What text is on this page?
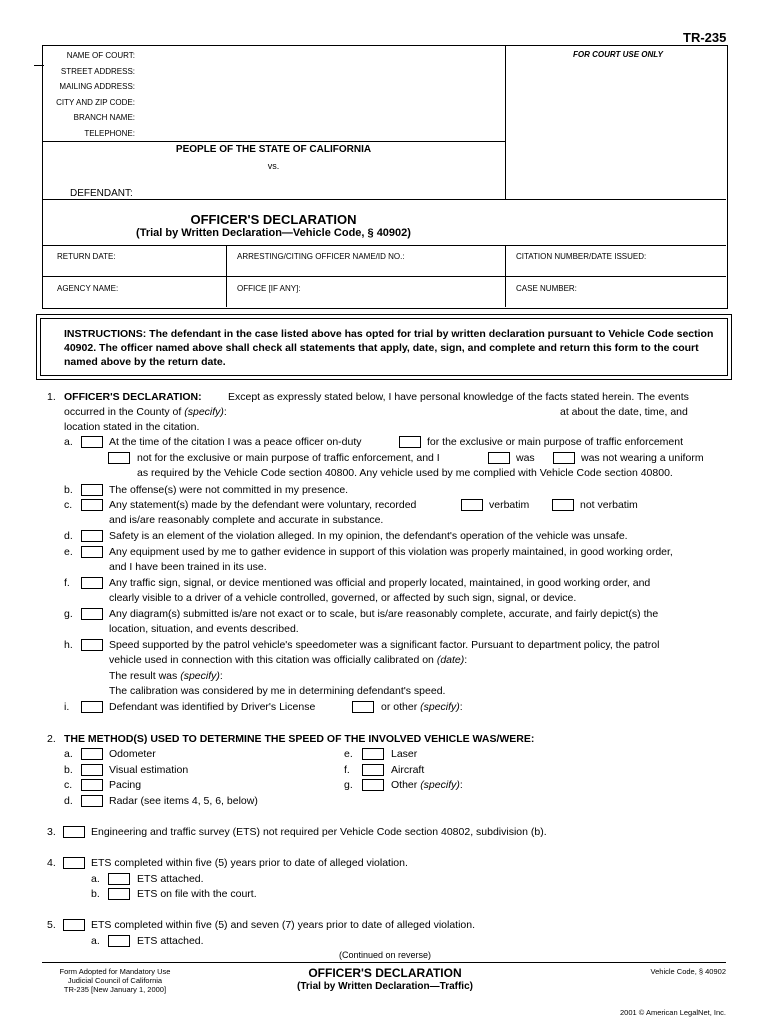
TR-235
NAME OF COURT:
STREET ADDRESS:
MAILING ADDRESS:
CITY AND ZIP CODE:
BRANCH NAME:
TELEPHONE:
FOR COURT USE ONLY
PEOPLE OF THE STATE OF CALIFORNIA
vs.
DEFENDANT:
OFFICER'S DECLARATION
(Trial by Written Declaration—Vehicle Code, § 40902)
RETURN DATE:	ARRESTING/CITING OFFICER NAME/ID NO.:	CITATION NUMBER/DATE ISSUED:
AGENCY NAME:	OFFICE [IF ANY]:	CASE NUMBER:
INSTRUCTIONS: The defendant in the case listed above has opted for trial by written declaration pursuant to Vehicle Code section 40902. The officer named above shall check all statements that apply, date, sign, and complete and return this form to the court named above by the return date.
1. OFFICER'S DECLARATION:	Except as expressly stated below, I have personal knowledge of the facts stated herein. The events
occurred in the County of (specify):	at about the date, time, and
location stated in the citation.
a.	At the time of the citation I was a peace officer on-duty	for the exclusive or main purpose of traffic enforcement
not for the exclusive or main purpose of traffic enforcement, and I	was	was not wearing a uniform
as required by the Vehicle Code section 40800. Any vehicle used by me complied with Vehicle Code section 40800.
b.	The offense(s) were not committed in my presence.
c.	Any statement(s) made by the defendant were voluntary, recorded	verbatim	not verbatim
and is/are reasonably complete and accurate in substance.
d.	Safety is an element of the violation alleged. In my opinion, the defendant's operation of the vehicle was unsafe.
e.	Any equipment used by me to gather evidence in support of this violation was properly maintained, in good working order,
and I have been trained in its use.
f.	Any traffic sign, signal, or device mentioned was official and properly located, maintained, in good working order, and
clearly visible to a driver of a vehicle controlled, governed, or affected by such sign, signal, or device.
g.	Any diagram(s) submitted is/are not exact or to scale, but is/are reasonably complete, accurate, and fairly depict(s) the
location, situation, and events described.
h.	Speed supported by the patrol vehicle's speedometer was a significant factor. Pursuant to department policy, the patrol
vehicle used in connection with this citation was officially calibrated on (date):
The result was (specify):
The calibration was considered by me in determining defendant's speed.
i.	Defendant was identified by Driver's License	or other (specify):
2. THE METHOD(S) USED TO DETERMINE THE SPEED OF THE INVOLVED VEHICLE WAS/WERE:
a.	Odometer
b.	Visual estimation
c.	Pacing
d.	Radar (see items 4, 5, 6, below)
e.	Laser
f.	Aircraft
g.	Other (specify):
3.	Engineering and traffic survey (ETS) not required per Vehicle Code section 40802, subdivision (b).
4.	ETS completed within five (5) years prior to date of alleged violation.
a.	ETS attached.
b.	ETS on file with the court.
5.	ETS completed within five (5) and seven (7) years prior to date of alleged violation.
a.	ETS attached.
(Continued on reverse)
Form Adopted for Mandatory Use
Judicial Council of California
TR-235 [New January 1, 2000]
OFFICER'S DECLARATION
(Trial by Written Declaration—Traffic)
Vehicle Code, § 40902
2001 © American LegalNet, Inc.
